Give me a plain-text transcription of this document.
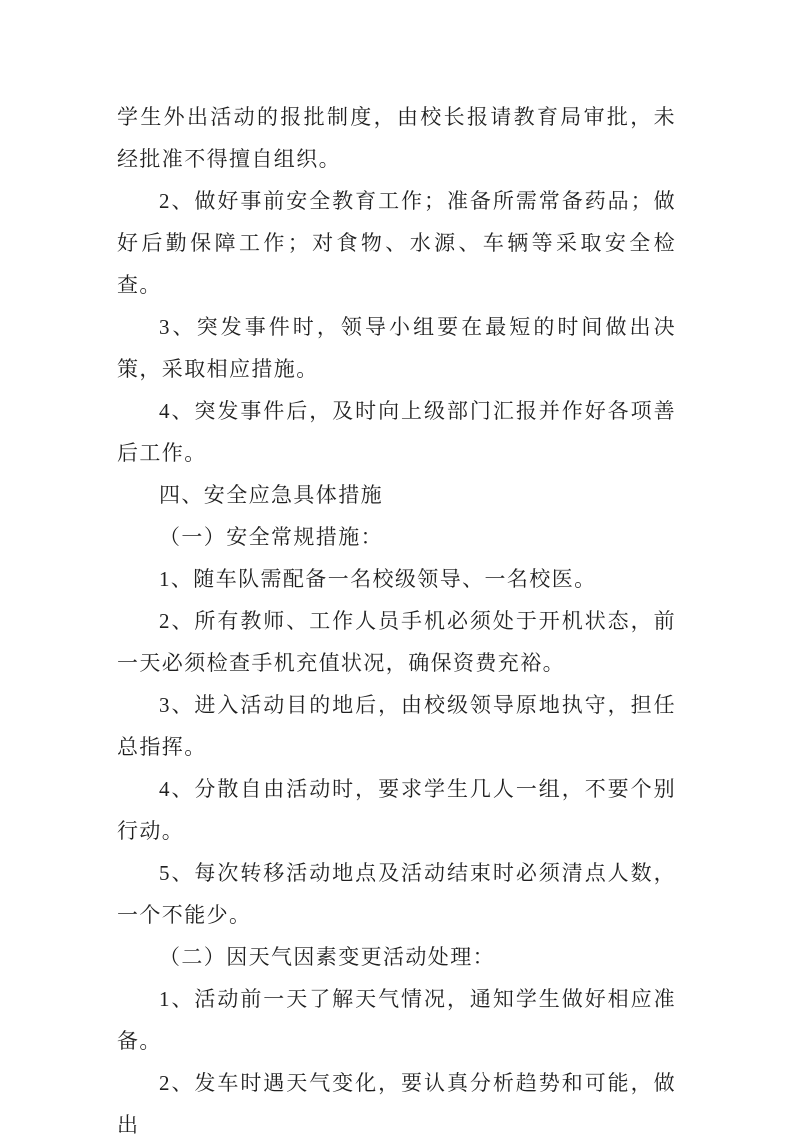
学生外出活动的报批制度，由校长报请教育局审批，未经批准不得擅自组织。

2、做好事前安全教育工作；准备所需常备药品；做好后勤保障工作；对食物、水源、车辆等采取安全检查。

3、突发事件时，领导小组要在最短的时间做出决策，采取相应措施。

4、突发事件后，及时向上级部门汇报并作好各项善后工作。

四、安全应急具体措施

（一）安全常规措施：

1、随车队需配备一名校级领导、一名校医。

2、所有教师、工作人员手机必须处于开机状态，前一天必须检查手机充值状况，确保资费充裕。

3、进入活动目的地后，由校级领导原地执守，担任总指挥。

4、分散自由活动时，要求学生几人一组，不要个别行动。

5、每次转移活动地点及活动结束时必须清点人数，一个不能少。

（二）因天气因素变更活动处理：

1、活动前一天了解天气情况，通知学生做好相应准备。

2、发车时遇天气变化，要认真分析趋势和可能，做出
